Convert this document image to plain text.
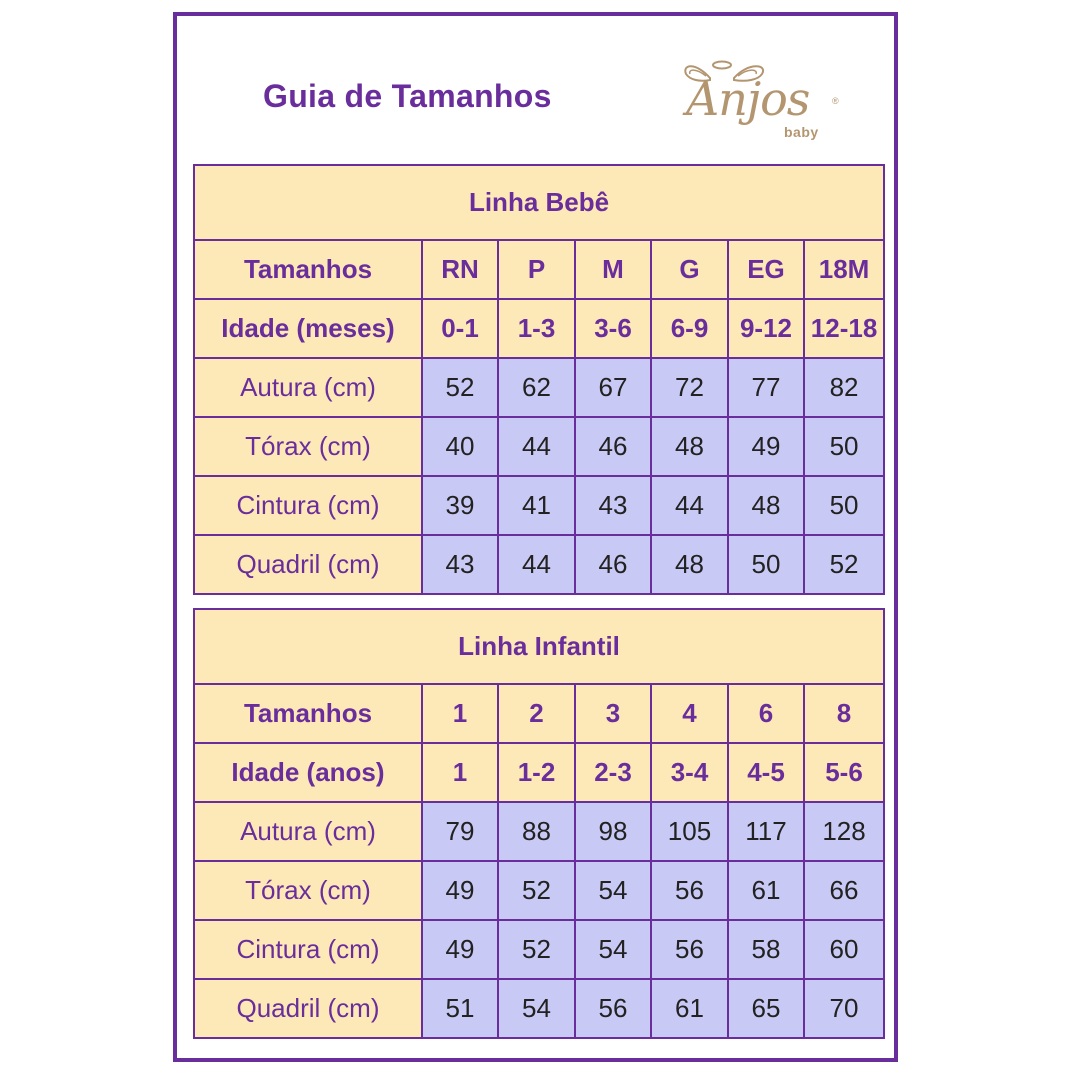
Guia de Tamanhos	Anjos	®
baby
Linha Bebê						
Tamanhos	RN	P	M	G	EG	18M
Idade (meses)	0-1	1-3	3-6	6-9	9-12	12-18
Autura (cm)	52	62	67	72	77	82
Tórax (cm)	40	44	46	48	49	50
Cintura (cm)	39	41	43	44	48	50
Quadril (cm)	43	44	46	48	50	52
Linha Infantil						
Tamanhos	1	2	3	4	6	8
Idade (anos)	1	1-2	2-3	3-4	4-5	5-6
Autura (cm)	79	88	98	105	117	128
Tórax (cm)	49	52	54	56	61	66
Cintura (cm)	49	52	54	56	58	60
Quadril (cm)	51	54	56	61	65	70
